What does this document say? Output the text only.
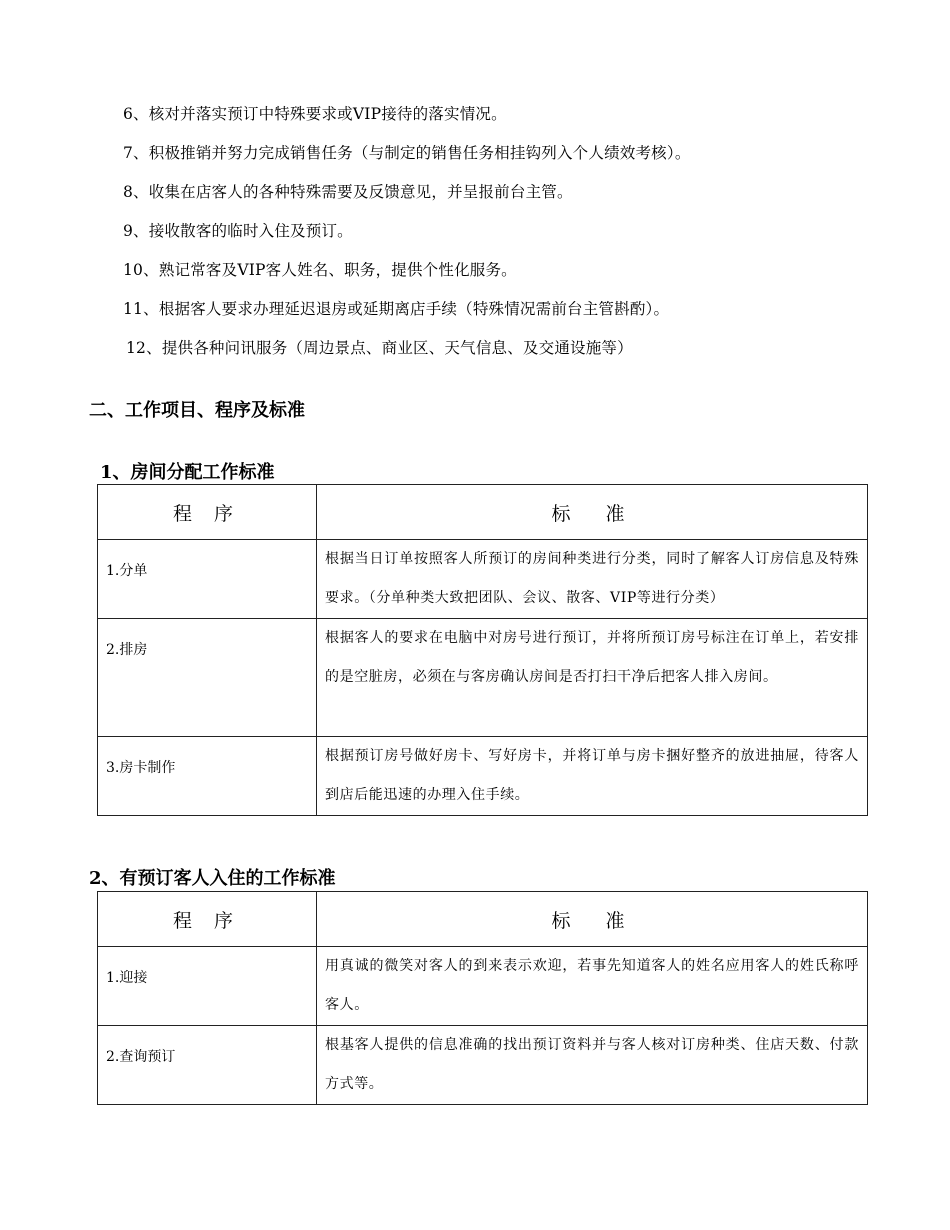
6、核对并落实预订中特殊要求或VIP接待的落实情况。
7、积极推销并努力完成销售任务（与制定的销售任务相挂钩列入个人绩效考核）。
8、收集在店客人的各种特殊需要及反馈意见，并呈报前台主管。
9、接收散客的临时入住及预订。
10、熟记常客及VIP客人姓名、职务，提供个性化服务。
11、根据客人要求办理延迟退房或延期离店手续（特殊情况需前台主管斟酌）。
12、提供各种问讯服务（周边景点、商业区、天气信息、及交通设施等）
二、工作项目、程序及标准
1、房间分配工作标准
程 序	标　准
1.分单	根据当日订单按照客人所预订的房间种类进行分类，同时了解客人订房信息及特殊要求。（分单种类大致把团队、会议、散客、VIP等进行分类）
2.排房	根据客人的要求在电脑中对房号进行预订，并将所预订房号标注在订单上，若安排的是空脏房，必须在与客房确认房间是否打扫干净后把客人排入房间。
3.房卡制作	根据预订房号做好房卡、写好房卡，并将订单与房卡捆好整齐的放进抽屉，待客人到店后能迅速的办理入住手续。
2、有预订客人入住的工作标准
程 序	标　准
1.迎接	用真诚的微笑对客人的到来表示欢迎，若事先知道客人的姓名应用客人的姓氏称呼客人。
2.查询预订	根基客人提供的信息准确的找出预订资料并与客人核对订房种类、住店天数、付款方式等。
